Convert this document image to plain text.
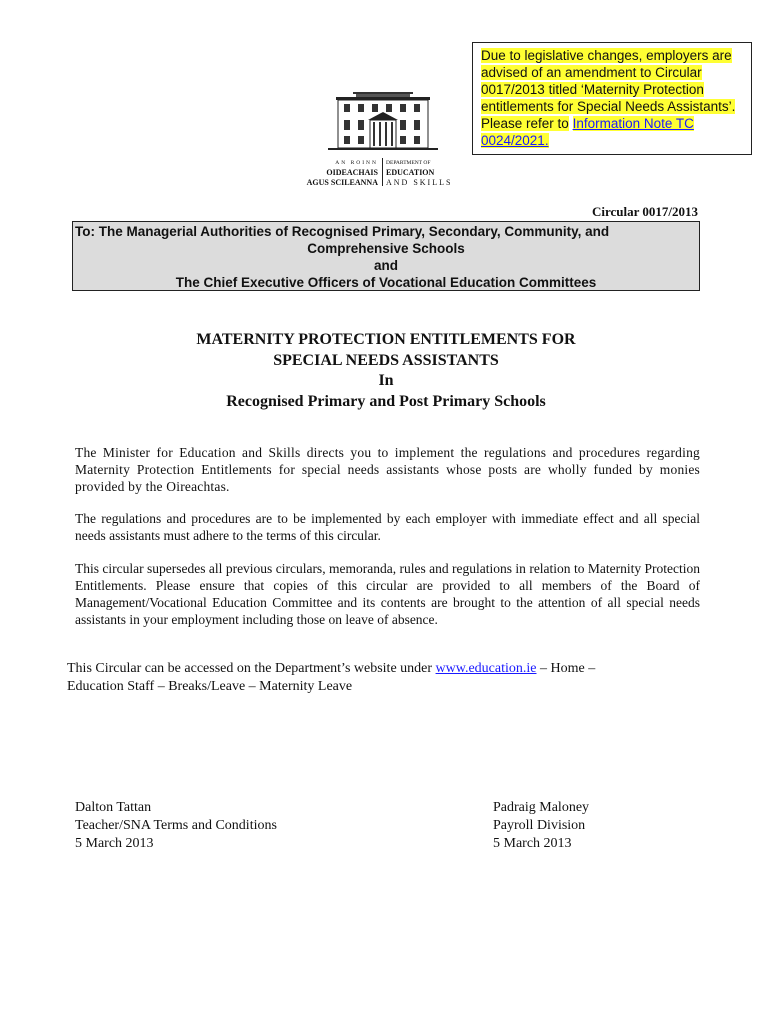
Due to legislative changes, employers are advised of an amendment to Circular 0017/2013 titled ‘Maternity Protection entitlements for Special Needs Assistants’. Please refer to Information Note TC 0024/2021.
AN ROINN
OIDEACHAIS
AGUS SCILEANNA
DEPARTMENT OF
EDUCATION
AND SKILLS
Circular 0017/2013
To: The Managerial Authorities of Recognised Primary, Secondary, Community, and
Comprehensive Schools
and
The Chief Executive Officers of Vocational Education Committees
MATERNITY PROTECTION ENTITLEMENTS FOR
SPECIAL NEEDS ASSISTANTS
In
Recognised Primary and Post Primary Schools
The Minister for Education and Skills directs you to implement the regulations and procedures regarding Maternity Protection Entitlements for special needs assistants whose posts are wholly funded by monies provided by the Oireachtas.
The regulations and procedures are to be implemented by each employer with immediate effect and all special needs assistants must adhere to the terms of this circular.
This circular supersedes all previous circulars, memoranda, rules and regulations in relation to Maternity Protection Entitlements. Please ensure that copies of this circular are provided to all members of the Board of Management/Vocational Education Committee and its contents are brought to the attention of all special needs assistants in your employment including those on leave of absence.
This Circular can be accessed on the Department’s website under www.education.ie – Home –
Education Staff – Breaks/Leave – Maternity Leave
Dalton Tattan
Teacher/SNA Terms and Conditions
5 March 2013
Padraig Maloney
Payroll Division
5 March 2013
